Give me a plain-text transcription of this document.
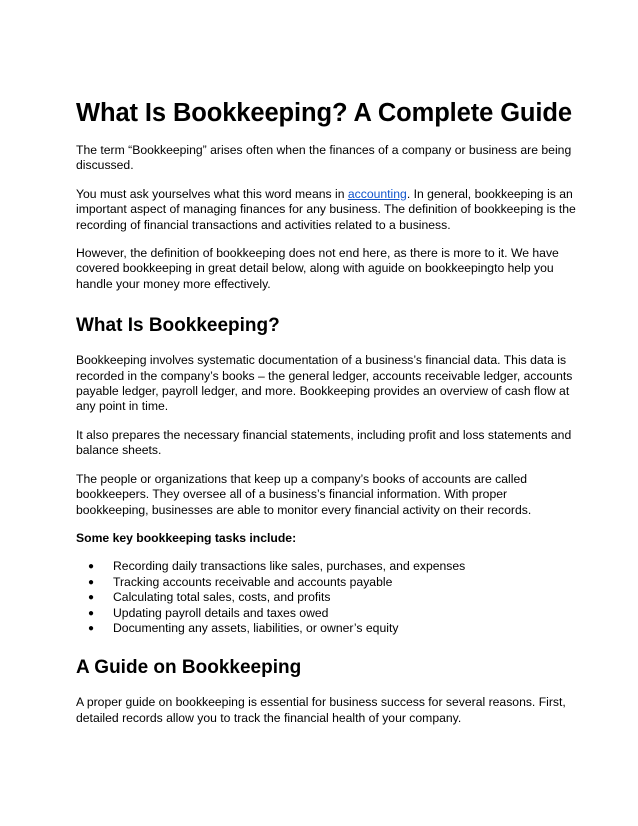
What Is Bookkeeping? A Complete Guide

The term “Bookkeeping” arises often when the finances of a company or business are being discussed.

You must ask yourselves what this word means in accounting. In general, bookkeeping is an important aspect of managing finances for any business. The definition of bookkeeping is the recording of financial transactions and activities related to a business.

However, the definition of bookkeeping does not end here, as there is more to it. We have covered bookkeeping in great detail below, along with aguide on bookkeepingto help you handle your money more effectively.

What Is Bookkeeping?

Bookkeeping involves systematic documentation of a business’s financial data. This data is recorded in the company’s books – the general ledger, accounts receivable ledger, accounts payable ledger, payroll ledger, and more. Bookkeeping provides an overview of cash flow at any point in time.

It also prepares the necessary financial statements, including profit and loss statements and balance sheets.

The people or organizations that keep up a company’s books of accounts are called bookkeepers. They oversee all of a business’s financial information. With proper bookkeeping, businesses are able to monitor every financial activity on their records.

Some key bookkeeping tasks include:

● Recording daily transactions like sales, purchases, and expenses
● Tracking accounts receivable and accounts payable
● Calculating total sales, costs, and profits
● Updating payroll details and taxes owed
● Documenting any assets, liabilities, or owner’s equity
A Guide on Bookkeeping

A proper guide on bookkeeping is essential for business success for several reasons. First, detailed records allow you to track the financial health of your company.
